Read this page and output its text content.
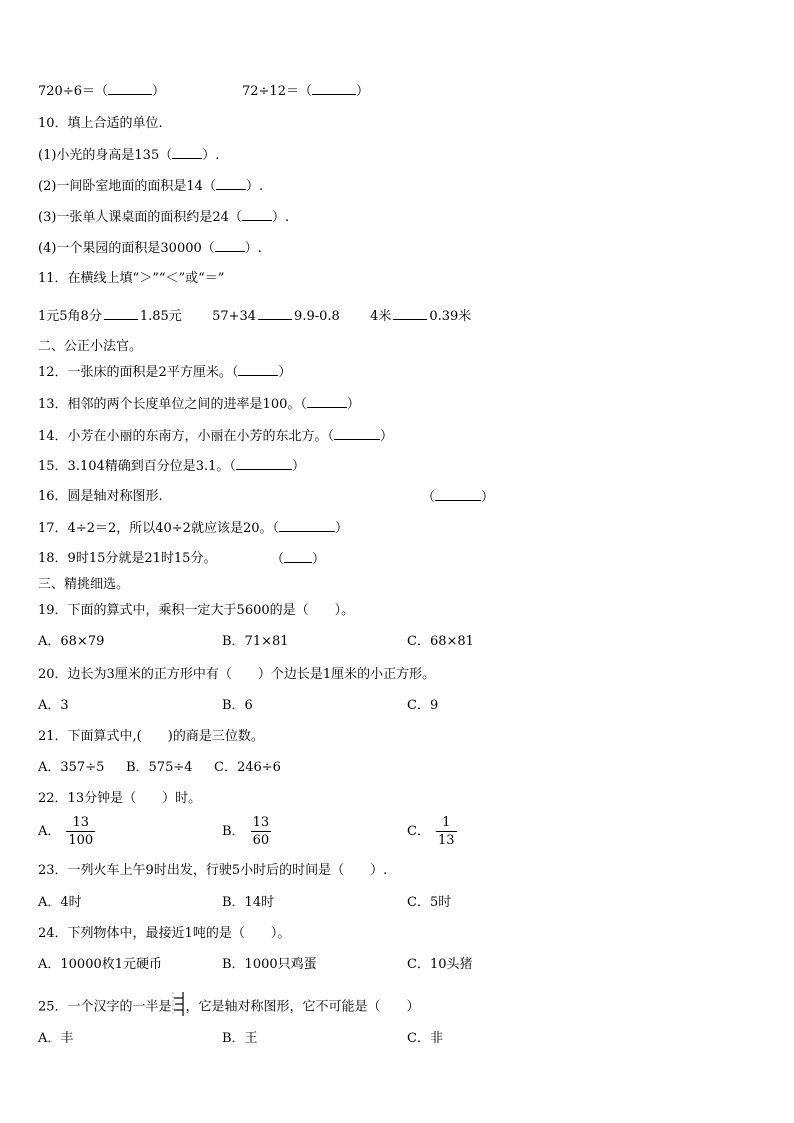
720÷6＝（	）	72÷12＝（	）
10．填上合适的单位.
(1)小光的身高是135（ ）.
(2)一间卧室地面的面积是14（ ）.
(3)一张单人课桌面的面积约是24（ ）.
(4)一个果园的面积是30000（ ）.
11．在横线上填“＞”“＜”或“＝”
1元5角8分	1.85元 57+34	9.9-0.8 4米	0.39米
二、公正小法官。
12．一张床的面积是2平方厘米。（	）
13．相邻的两个长度单位之间的进率是100。（	）
14．小芳在小丽的东南方，小丽在小芳的东北方。（	）
15．3.104精确到百分位是3.1。（	）
16．圆是轴对称图形.	（	）
17．4÷2＝2，所以40÷2就应该是20。（	）
18．9时15分就是21时15分。	（ ）
三、精挑细选。
19．下面的算式中，乘积一定大于5600的是（　　）。
A．68×79	B．71×81	C．68×81
20．边长为3厘米的正方形中有（　　）个边长是1厘米的小正方形。
A．3	B．6	C．9
21．下面算式中,(　　)的商是三位数。
A．357÷5 B．575÷4 C．246÷6
22．13分钟是（　　）时。
A． $\frac{13}{100}$	B． $\frac{13}{60}$	C． $\frac{1}{13}$
23．一列火车上午9时出发，行驶5小时后的时间是（　　）.
A．4时	B．14时	C．5时
24．下列物体中，最接近1吨的是（　　）。
A．10000枚1元硬币	B．1000只鸡蛋	C．10头猪
25．一个汉字的一半是 ，它是轴对称图形，它不可能是（　　）
A．丰	B．王	C．非
